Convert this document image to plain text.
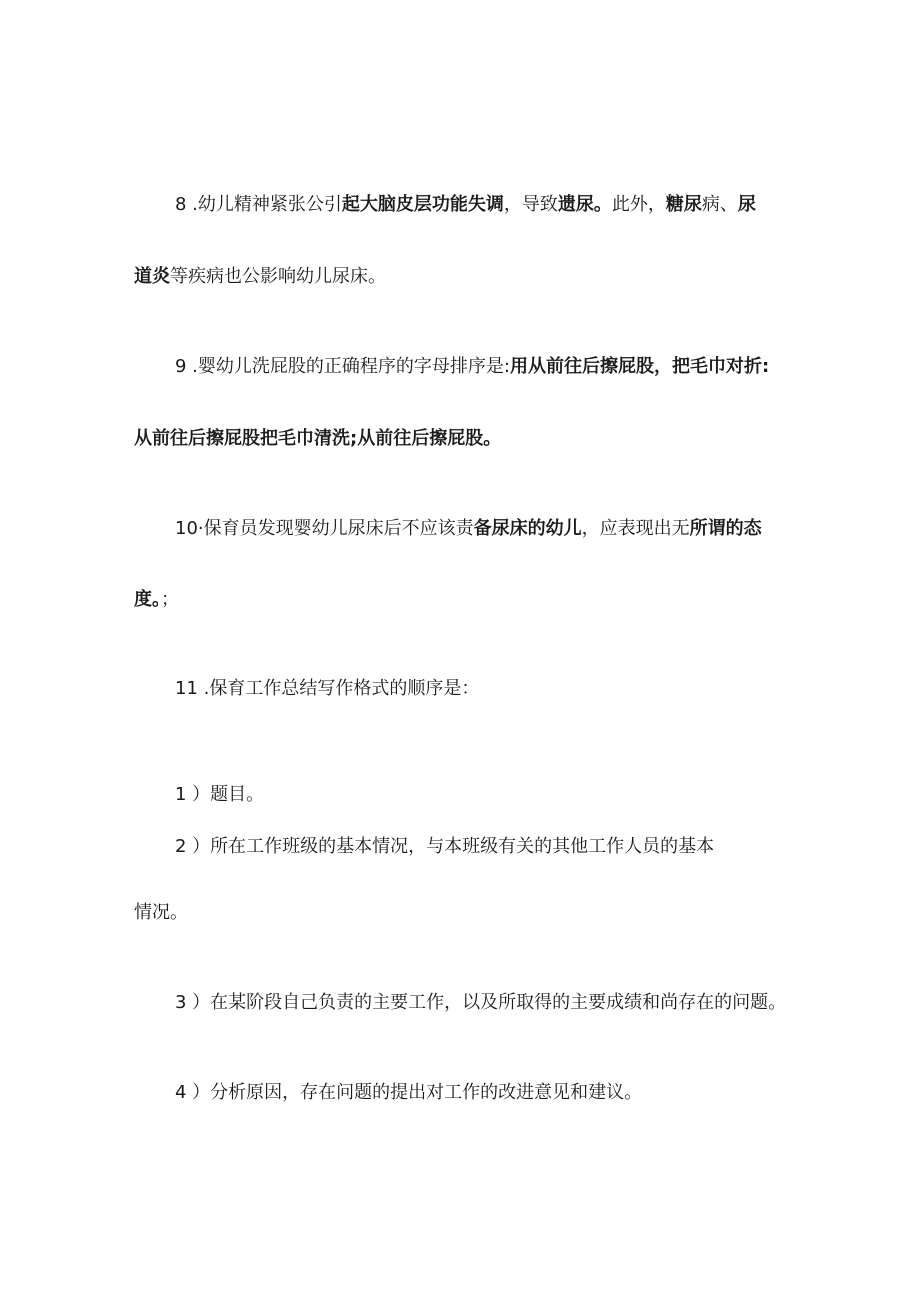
8 .幼儿精神紧张公引起大脑皮层功能失调，导致遗尿。此外，糖尿病、尿
道炎等疾病也公影响幼儿尿床。
9 .婴幼儿洗屁股的正确程序的字母排序是:用从前往后擦屁股，把毛巾对折:
从前往后擦屁股把毛巾清洗;从前往后擦屁股。
10·保育员发现婴幼儿尿床后不应该责备尿床的幼儿，应表现出无所谓的态
度。；
11 .保育工作总结写作格式的顺序是：
1 ）题目。
2 ）所在工作班级的基本情况，与本班级有关的其他工作人员的基本
情况。
3 ）在某阶段自己负责的主要工作，以及所取得的主要成绩和尚存在的问题。
4 ）分析原因，存在问题的提出对工作的改进意见和建议。
